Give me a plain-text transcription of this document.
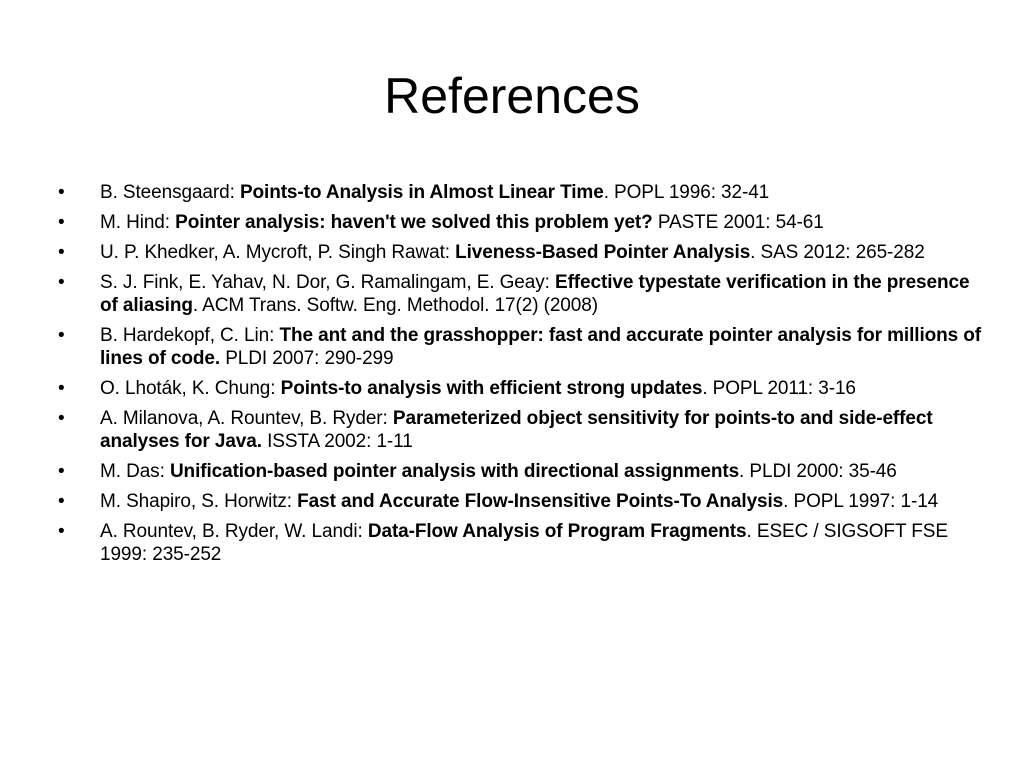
References
• B. Steensgaard: Points-to Analysis in Almost Linear Time. POPL 1996: 32-41
• M. Hind: Pointer analysis: haven't we solved this problem yet? PASTE 2001: 54-61
• U. P. Khedker, A. Mycroft, P. Singh Rawat: Liveness-Based Pointer Analysis. SAS 2012: 265-282
• S. J. Fink, E. Yahav, N. Dor, G. Ramalingam, E. Geay: Effective typestate verification in the presence of aliasing. ACM Trans. Softw. Eng. Methodol. 17(2) (2008)
• B. Hardekopf, C. Lin: The ant and the grasshopper: fast and accurate pointer analysis for millions of lines of code. PLDI 2007: 290-299
• O. Lhoták, K. Chung: Points-to analysis with efficient strong updates. POPL 2011: 3-16
• A. Milanova, A. Rountev, B. Ryder: Parameterized object sensitivity for points-to and side-effect analyses for Java. ISSTA 2002: 1-11
• M. Das: Unification-based pointer analysis with directional assignments. PLDI 2000: 35-46
• M. Shapiro, S. Horwitz: Fast and Accurate Flow-Insensitive Points-To Analysis. POPL 1997: 1-14
• A. Rountev, B. Ryder, W. Landi: Data-Flow Analysis of Program Fragments. ESEC / SIGSOFT FSE 1999: 235-252
